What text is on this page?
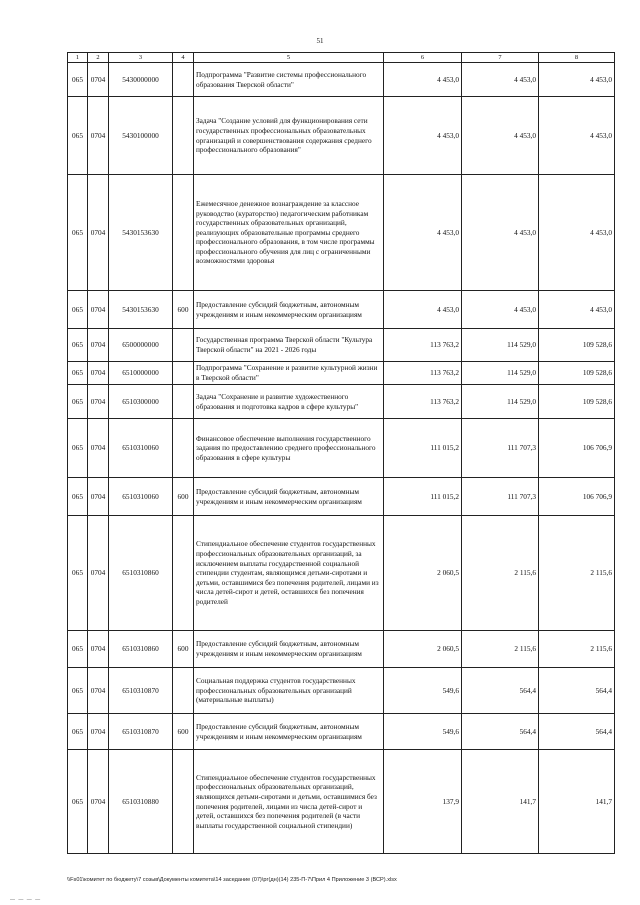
51
1	2	3	4	5	6	7	8
065	0704	5430000000		Подпрограмма "Развитие системы профессионального образования Тверской области"	4 453,0	4 453,0	4 453,0
065	0704	5430100000		Задача "Создание условий для функционирования сети государственных профессиональных образовательных организаций и совершенствования содержания среднего профессионального образования"	4 453,0	4 453,0	4 453,0
065	0704	5430153630		Ежемесячное денежное вознаграждение за классное руководство (кураторство) педагогическим работникам государственных образовательных организаций, реализующих образовательные программы среднего профессионального образования, в том числе программы профессионального обучения для лиц с ограниченными возможностями здоровья	4 453,0	4 453,0	4 453,0
065	0704	5430153630	600	Предоставление субсидий бюджетным, автономным учреждениям и иным некоммерческим организациям	4 453,0	4 453,0	4 453,0
065	0704	6500000000		Государственная программа Тверской области "Культура Тверской области" на 2021 - 2026 годы	113 763,2	114 529,0	109 528,6
065	0704	6510000000		Подпрограмма "Сохранение и развитие культурной жизни в Тверской области"	113 763,2	114 529,0	109 528,6
065	0704	6510300000		Задача "Сохранение и развитие художественного образования и подготовка кадров в сфере культуры"	113 763,2	114 529,0	109 528,6
065	0704	6510310060		Финансовое обеспечение выполнения государственного задания по предоставлению среднего профессионального образования в сфере культуры	111 015,2	111 707,3	106 706,9
065	0704	6510310060	600	Предоставление субсидий бюджетным, автономным учреждениям и иным некоммерческим организациям	111 015,2	111 707,3	106 706,9
065	0704	6510310860		Стипендиальное обеспечение студентов государственных профессиональных образовательных организаций, за исключением выплаты государственной социальной стипендии студентам, являющимся детьми-сиротами и детьми, оставшимися без попечения родителей, лицами из числа детей-сирот и детей, оставшихся без попечения родителей	2 060,5	2 115,6	2 115,6
065	0704	6510310860	600	Предоставление субсидий бюджетным, автономным учреждениям и иным некоммерческим организациям	2 060,5	2 115,6	2 115,6
065	0704	6510310870		Социальная поддержка студентов государственных профессиональных образовательных организаций (материальные выплаты)	549,6	564,4	564,4
065	0704	6510310870	600	Предоставление субсидий бюджетным, автономным учреждениям и иным некоммерческим организациям	549,6	564,4	564,4
065	0704	6510310880		Стипендиальное обеспечение студентов государственных профессиональных образовательных организаций, являющихся детьми-сиротами и детьми, оставшимися без попечения родителей, лицами из числа детей-сирот и детей, оставшихся без попечения родителей (в части выплаты государственной социальной стипендии)	137,9	141,7	141,7
\\Fs01\комитет по бюджету\7 созыв\Документы комитета\14 заседание (07)\рг(дн)(14) 235-П-7\Прил 4 Приложение 3 (ВСР).xlsx
— — — —
